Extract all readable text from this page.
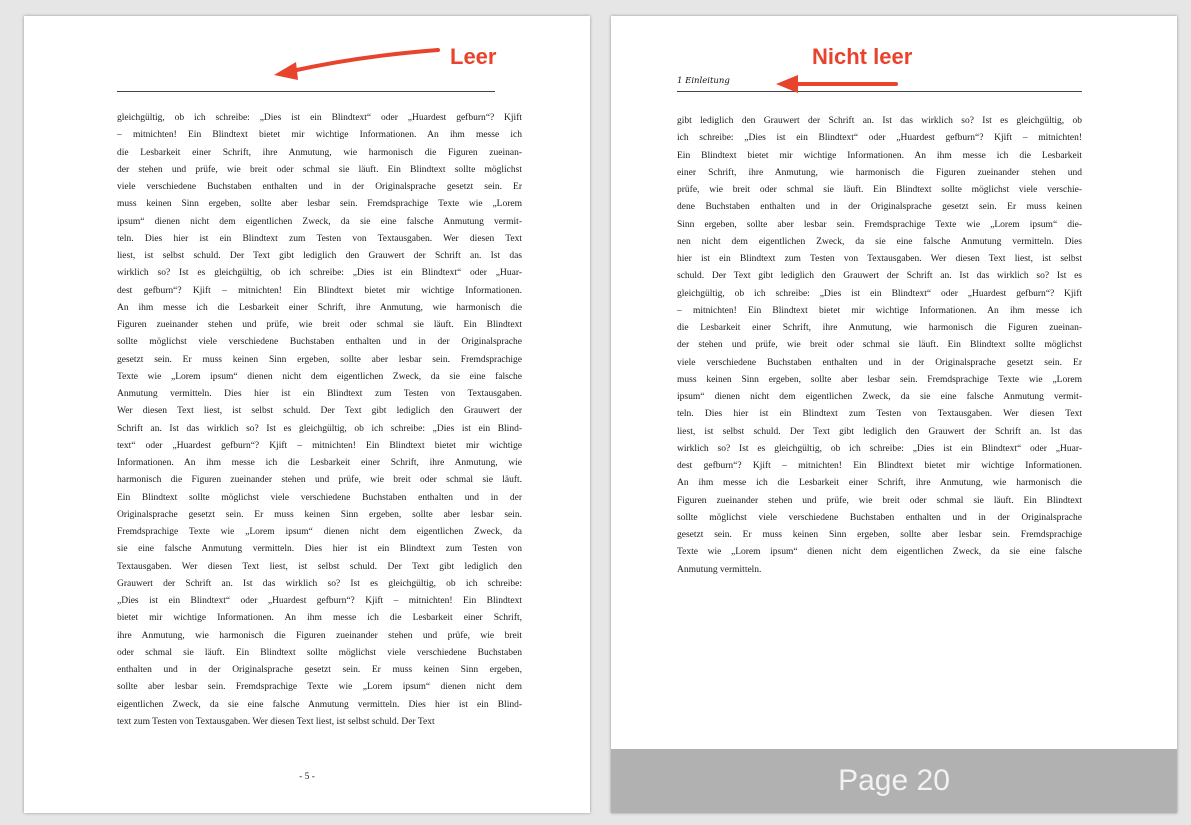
gleichgültig, ob ich schreibe: „Dies ist ein Blindtext“ oder „Huardest gefburn“? Kjift
– mitnichten! Ein Blindtext bietet mir wichtige Informationen. An ihm messe ich
die Lesbarkeit einer Schrift, ihre Anmutung, wie harmonisch die Figuren zueinan-
der stehen und prüfe, wie breit oder schmal sie läuft. Ein Blindtext sollte möglichst
viele verschiedene Buchstaben enthalten und in der Originalsprache gesetzt sein. Er
muss keinen Sinn ergeben, sollte aber lesbar sein. Fremdsprachige Texte wie „Lorem
ipsum“ dienen nicht dem eigentlichen Zweck, da sie eine falsche Anmutung vermit-
teln. Dies hier ist ein Blindtext zum Testen von Textausgaben. Wer diesen Text
liest, ist selbst schuld. Der Text gibt lediglich den Grauwert der Schrift an. Ist das
wirklich so? Ist es gleichgültig, ob ich schreibe: „Dies ist ein Blindtext“ oder „Huar-
dest gefburn“? Kjift – mitnichten! Ein Blindtext bietet mir wichtige Informationen.
An ihm messe ich die Lesbarkeit einer Schrift, ihre Anmutung, wie harmonisch die
Figuren zueinander stehen und prüfe, wie breit oder schmal sie läuft. Ein Blindtext
sollte möglichst viele verschiedene Buchstaben enthalten und in der Originalsprache
gesetzt sein. Er muss keinen Sinn ergeben, sollte aber lesbar sein. Fremdsprachige
Texte wie „Lorem ipsum“ dienen nicht dem eigentlichen Zweck, da sie eine falsche
Anmutung vermitteln. Dies hier ist ein Blindtext zum Testen von Textausgaben.
Wer diesen Text liest, ist selbst schuld. Der Text gibt lediglich den Grauwert der
Schrift an. Ist das wirklich so? Ist es gleichgültig, ob ich schreibe: „Dies ist ein Blind-
text“ oder „Huardest gefburn“? Kjift – mitnichten! Ein Blindtext bietet mir wichtige
Informationen. An ihm messe ich die Lesbarkeit einer Schrift, ihre Anmutung, wie
harmonisch die Figuren zueinander stehen und prüfe, wie breit oder schmal sie läuft.
Ein Blindtext sollte möglichst viele verschiedene Buchstaben enthalten und in der
Originalsprache gesetzt sein. Er muss keinen Sinn ergeben, sollte aber lesbar sein.
Fremdsprachige Texte wie „Lorem ipsum“ dienen nicht dem eigentlichen Zweck, da
sie eine falsche Anmutung vermitteln. Dies hier ist ein Blindtext zum Testen von
Textausgaben. Wer diesen Text liest, ist selbst schuld. Der Text gibt lediglich den
Grauwert der Schrift an. Ist das wirklich so? Ist es gleichgültig, ob ich schreibe:
„Dies ist ein Blindtext“ oder „Huardest gefburn“? Kjift – mitnichten! Ein Blindtext
bietet mir wichtige Informationen. An ihm messe ich die Lesbarkeit einer Schrift,
ihre Anmutung, wie harmonisch die Figuren zueinander stehen und prüfe, wie breit
oder schmal sie läuft. Ein Blindtext sollte möglichst viele verschiedene Buchstaben
enthalten und in der Originalsprache gesetzt sein. Er muss keinen Sinn ergeben,
sollte aber lesbar sein. Fremdsprachige Texte wie „Lorem ipsum“ dienen nicht dem
eigentlichen Zweck, da sie eine falsche Anmutung vermitteln. Dies hier ist ein Blind-
text zum Testen von Textausgaben. Wer diesen Text liest, ist selbst schuld. Der Text
- 5 -
1 Einleitung
gibt lediglich den Grauwert der Schrift an. Ist das wirklich so? Ist es gleichgültig, ob
ich schreibe: „Dies ist ein Blindtext“ oder „Huardest gefburn“? Kjift – mitnichten!
Ein Blindtext bietet mir wichtige Informationen. An ihm messe ich die Lesbarkeit
einer Schrift, ihre Anmutung, wie harmonisch die Figuren zueinander stehen und
prüfe, wie breit oder schmal sie läuft. Ein Blindtext sollte möglichst viele verschie-
dene Buchstaben enthalten und in der Originalsprache gesetzt sein. Er muss keinen
Sinn ergeben, sollte aber lesbar sein. Fremdsprachige Texte wie „Lorem ipsum“ die-
nen nicht dem eigentlichen Zweck, da sie eine falsche Anmutung vermitteln. Dies
hier ist ein Blindtext zum Testen von Textausgaben. Wer diesen Text liest, ist selbst
schuld. Der Text gibt lediglich den Grauwert der Schrift an. Ist das wirklich so? Ist es
gleichgültig, ob ich schreibe: „Dies ist ein Blindtext“ oder „Huardest gefburn“? Kjift
– mitnichten! Ein Blindtext bietet mir wichtige Informationen. An ihm messe ich
die Lesbarkeit einer Schrift, ihre Anmutung, wie harmonisch die Figuren zueinan-
der stehen und prüfe, wie breit oder schmal sie läuft. Ein Blindtext sollte möglichst
viele verschiedene Buchstaben enthalten und in der Originalsprache gesetzt sein. Er
muss keinen Sinn ergeben, sollte aber lesbar sein. Fremdsprachige Texte wie „Lorem
ipsum“ dienen nicht dem eigentlichen Zweck, da sie eine falsche Anmutung vermit-
teln. Dies hier ist ein Blindtext zum Testen von Textausgaben. Wer diesen Text
liest, ist selbst schuld. Der Text gibt lediglich den Grauwert der Schrift an. Ist das
wirklich so? Ist es gleichgültig, ob ich schreibe: „Dies ist ein Blindtext“ oder „Huar-
dest gefburn“? Kjift – mitnichten! Ein Blindtext bietet mir wichtige Informationen.
An ihm messe ich die Lesbarkeit einer Schrift, ihre Anmutung, wie harmonisch die
Figuren zueinander stehen und prüfe, wie breit oder schmal sie läuft. Ein Blindtext
sollte möglichst viele verschiedene Buchstaben enthalten und in der Originalsprache
gesetzt sein. Er muss keinen Sinn ergeben, sollte aber lesbar sein. Fremdsprachige
Texte wie „Lorem ipsum“ dienen nicht dem eigentlichen Zweck, da sie eine falsche
Anmutung vermitteln.
Page 20
Leer	Nicht leer
